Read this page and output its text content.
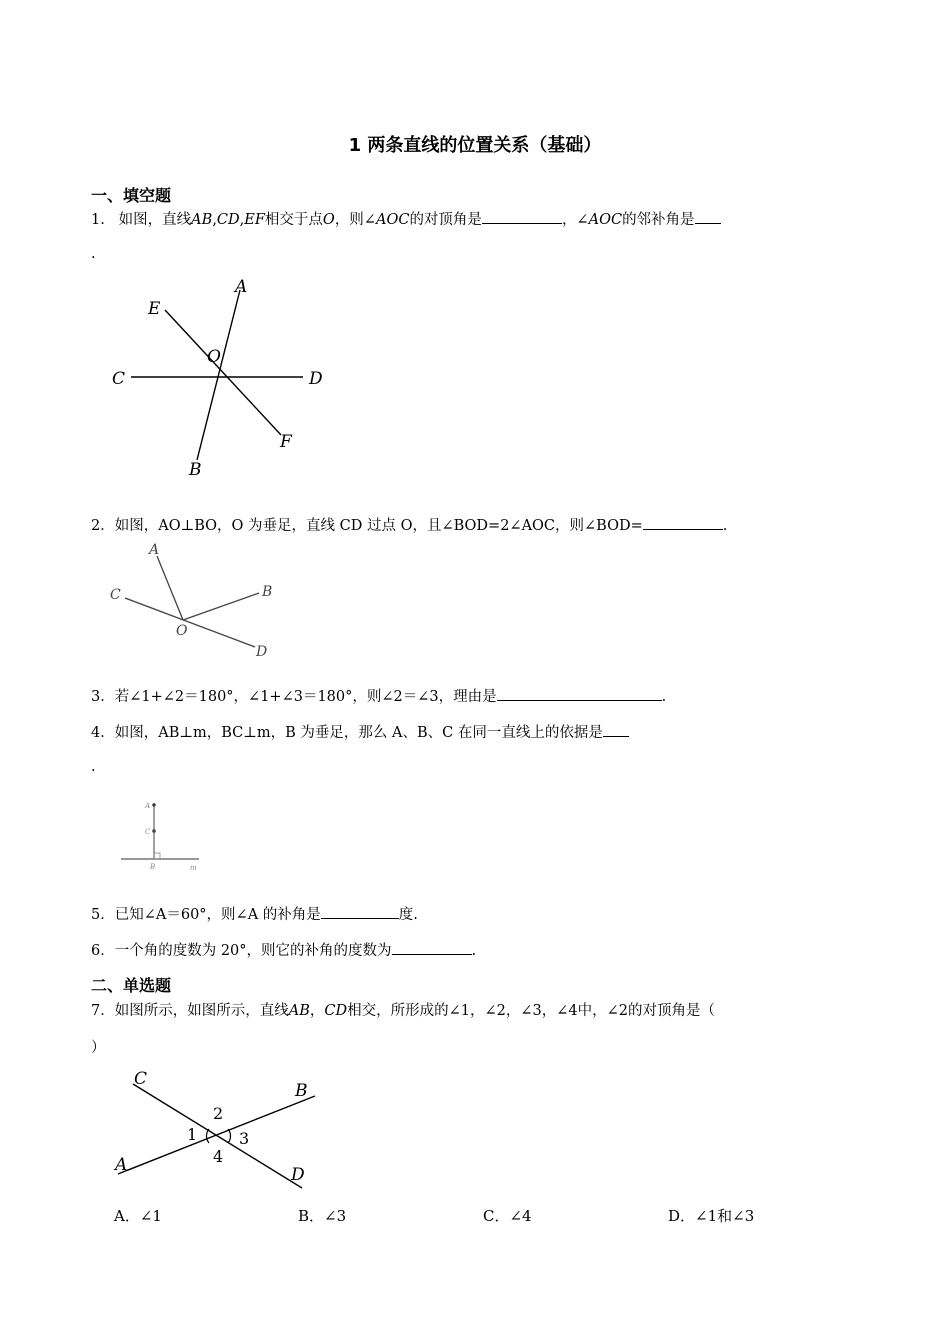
1 两条直线的位置关系（基础）
一、填空题
1. 如图，直线AB,CD,EF相交于点O，则∠AOC的对顶角是	，∠AOC的邻补角是
.
A
E
O
C	D
F
B
2．如图，AO⊥BO，O 为垂足，直线 CD 过点 O，且∠BOD=2∠AOC，则∠BOD=	.
A
C	B
O
D
3．若∠1+∠2＝180°，∠1+∠3＝180°，则∠2＝∠3，理由是	.
4．如图，AB⊥m，BC⊥m，B 为垂足，那么 A、B、C 在同一直线上的依据是
.
A
C
B	m
5．已知∠A＝60°，则∠A 的补角是	度.
6．一个角的度数为 20°，则它的补角的度数为	.
二、单选题
7．如图所示，如图所示，直线AB，CD相交，所形成的∠1，∠2，∠3，∠4中，∠2的对顶角是（
）
C
B
A	D
2
1	3
4
A．∠1	B．∠3	C．∠4	D．∠1和∠3
